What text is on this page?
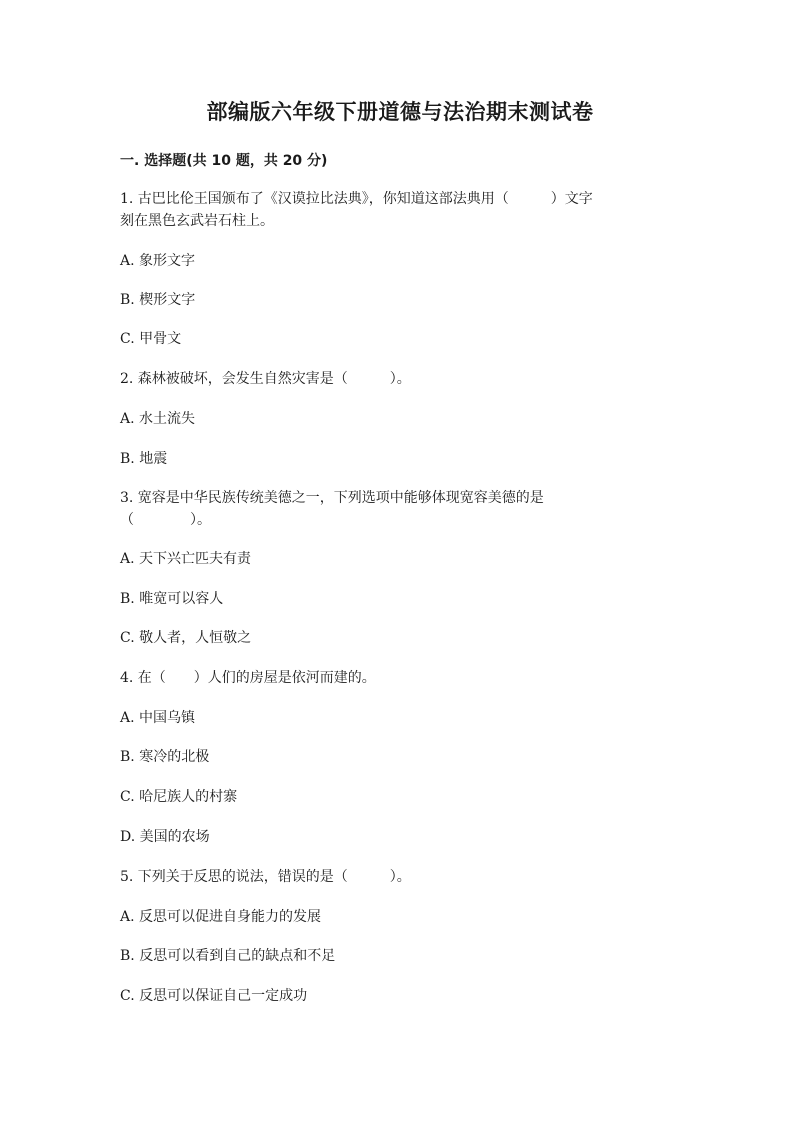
部编版六年级下册道德与法治期末测试卷
一. 选择题(共 10 题，共 20 分)
1. 古巴比伦王国颁布了《汉谟拉比法典》，你知道这部法典用（　　　）文字
刻在黑色玄武岩石柱上。
A. 象形文字
B. 楔形文字
C. 甲骨文
2. 森林被破坏，会发生自然灾害是（　　　）。
A. 水土流失
B. 地震
3. 宽容是中华民族传统美德之一，下列选项中能够体现宽容美德的是
（　　　　）。
A. 天下兴亡匹夫有责
B. 唯宽可以容人
C. 敬人者，人恒敬之
4. 在（　　）人们的房屋是依河而建的。
A. 中国乌镇
B. 寒冷的北极
C. 哈尼族人的村寨
D. 美国的农场
5. 下列关于反思的说法，错误的是（　　　）。
A. 反思可以促进自身能力的发展
B. 反思可以看到自己的缺点和不足
C. 反思可以保证自己一定成功
